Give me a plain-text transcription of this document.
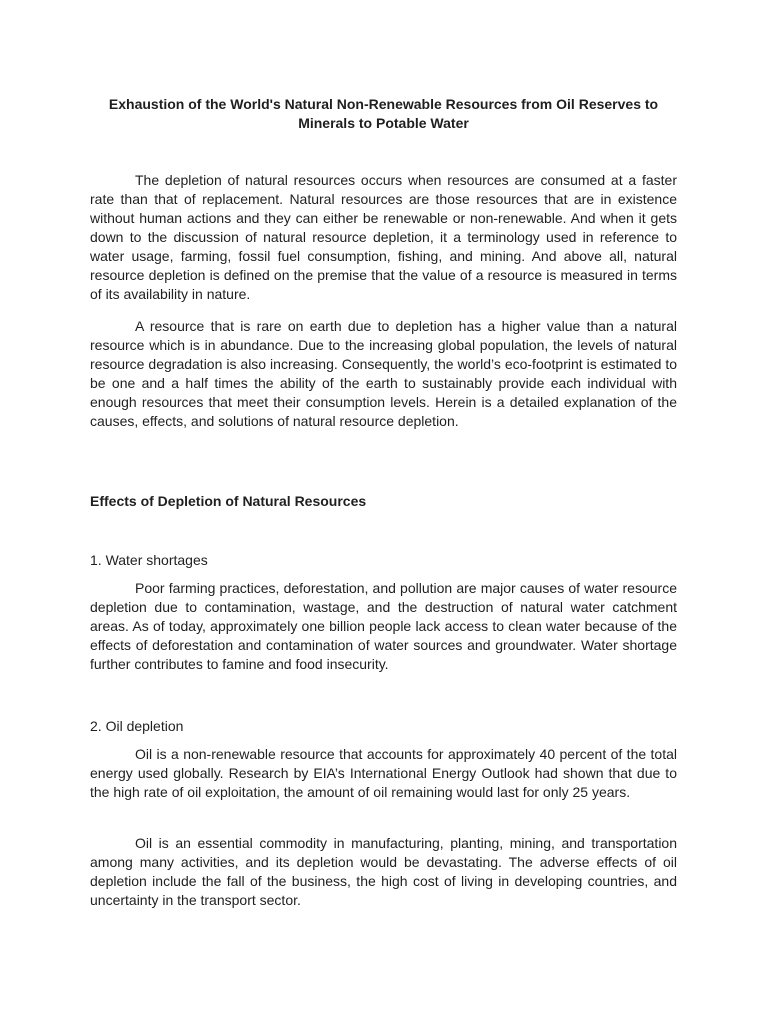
Exhaustion of the World's Natural Non-Renewable Resources from Oil Reserves to Minerals to Potable Water

The depletion of natural resources occurs when resources are consumed at a faster rate than that of replacement. Natural resources are those resources that are in existence without human actions and they can either be renewable or non-renewable. And when it gets down to the discussion of natural resource depletion, it a terminology used in reference to water usage, farming, fossil fuel consumption, fishing, and mining. And above all, natural resource depletion is defined on the premise that the value of a resource is measured in terms of its availability in nature.

A resource that is rare on earth due to depletion has a higher value than a natural resource which is in abundance. Due to the increasing global population, the levels of natural resource degradation is also increasing. Consequently, the world’s eco-footprint is estimated to be one and a half times the ability of the earth to sustainably provide each individual with enough resources that meet their consumption levels. Herein is a detailed explanation of the causes, effects, and solutions of natural resource depletion.

Effects of Depletion of Natural Resources
1. Water shortages

Poor farming practices, deforestation, and pollution are major causes of water resource depletion due to contamination, wastage, and the destruction of natural water catchment areas. As of today, approximately one billion people lack access to clean water because of the effects of deforestation and contamination of water sources and groundwater. Water shortage further contributes to famine and food insecurity.

2. Oil depletion

Oil is a non-renewable resource that accounts for approximately 40 percent of the total energy used globally. Research by EIA’s International Energy Outlook had shown that due to the high rate of oil exploitation, the amount of oil remaining would last for only 25 years.

Oil is an essential commodity in manufacturing, planting, mining, and transportation among many activities, and its depletion would be devastating. The adverse effects of oil depletion include the fall of the business, the high cost of living in developing countries, and uncertainty in the transport sector.
